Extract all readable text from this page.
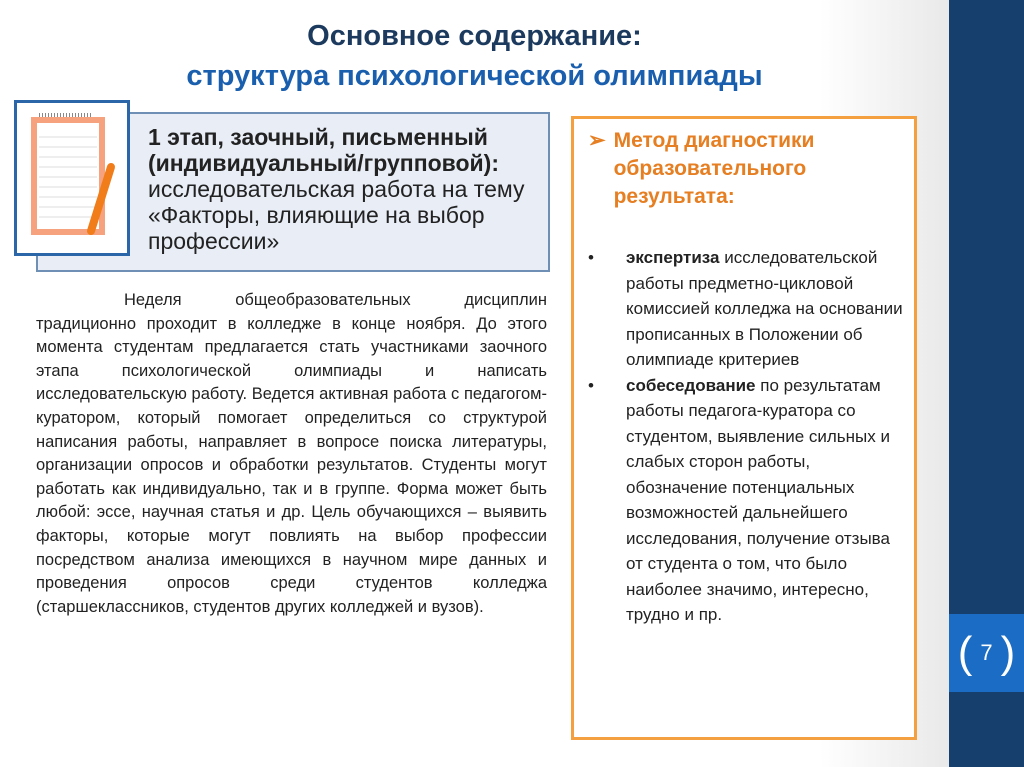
( 7 )
Основное содержание:
структура психологической олимпиады
1 этап, заочный, письменный (индивидуальный/групповой):
исследовательская работа на тему «Факторы, влияющие на выбор профессии»
Неделя общеобразовательных дисциплин традиционно проходит в колледже в конце ноября. До этого момента студентам предлагается стать участниками заочного этапа психологической олимпиады и написать исследовательскую работу. Ведется активная работа с педагогом-куратором, который помогает определиться со структурой написания работы, направляет в вопросе поиска литературы, организации опросов и обработки результатов. Студенты могут работать как индивидуально, так и в группе. Форма может быть любой: эссе, научная статья и др. Цель обучающихся – выявить факторы, которые могут повлиять на выбор профессии посредством анализа имеющихся в научном мире данных и проведения опросов среди студентов колледжа (старшеклассников, студентов других колледжей и вузов).
➢ Метод диагностики образовательного результата:
•	экспертиза исследовательской работы предметно-цикловой комиссией колледжа на основании прописанных в Положении об олимпиаде критериев
•	собеседование по результатам работы педагога-куратора со студентом, выявление сильных и слабых сторон работы, обозначение потенциальных возможностей дальнейшего исследования, получение отзыва от студента о том, что было наиболее значимо, интересно, трудно и пр.
